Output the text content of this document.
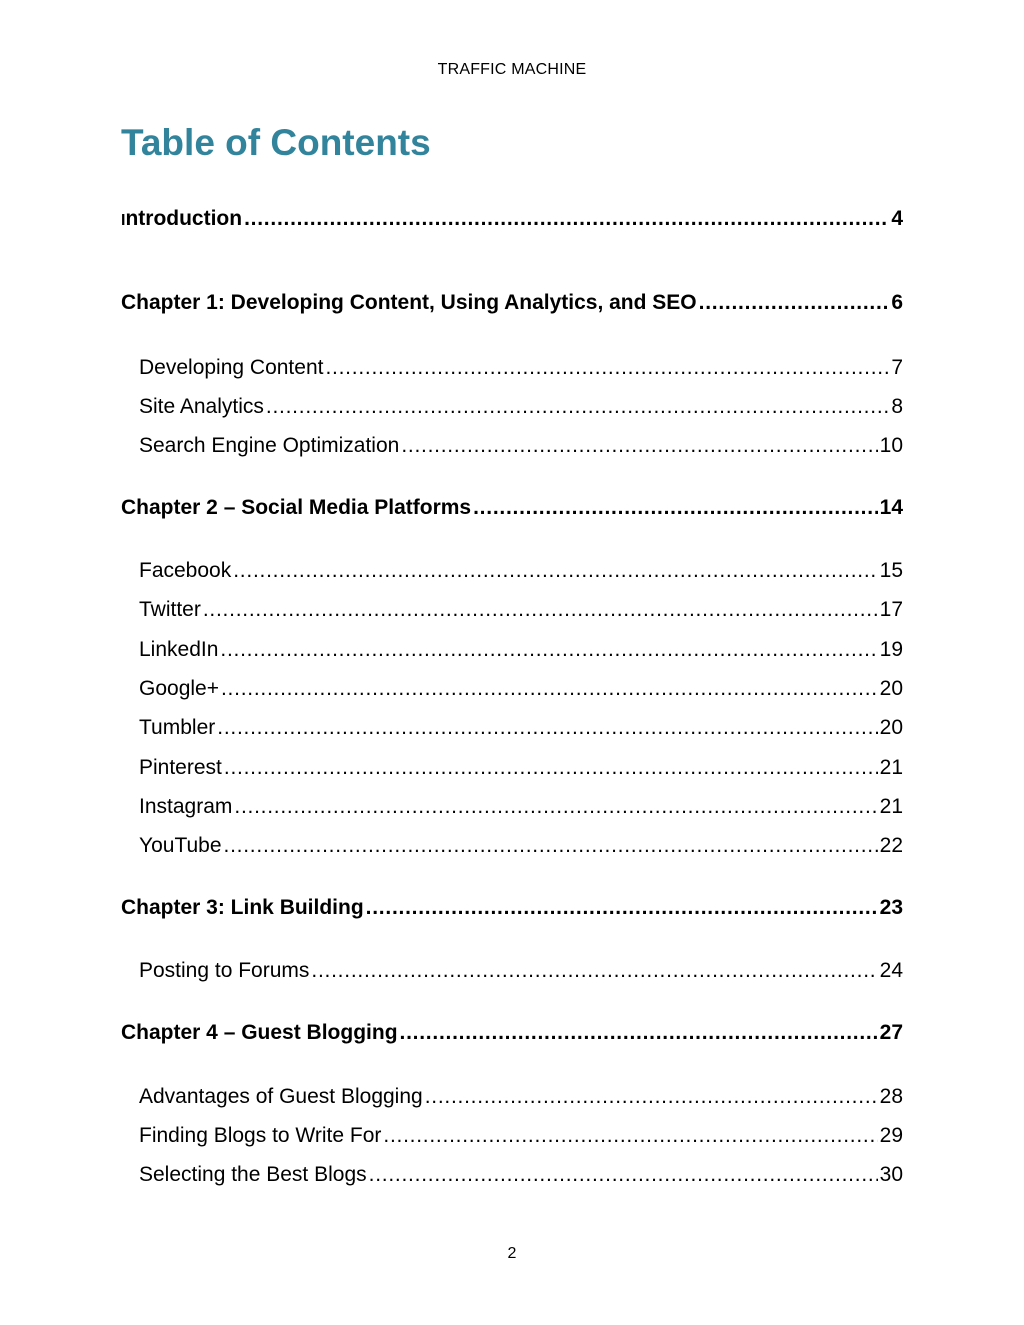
TRAFFIC MACHINE
Table of Contents
Introduction . . .	4
Chapter 1: Developing Content, Using Analytics, and SEO . . .	6
Developing Content . . .	7
Site Analytics . . .	8
Search Engine Optimization . . .	10
Chapter 2 – Social Media Platforms . . .	14
Facebook . . .	15
Twitter . . .	17
LinkedIn . . .	19
Google+ . . .	20
Tumbler . . .	20
Pinterest . . .	21
Instagram . . .	21
YouTube . . .	22
Chapter 3: Link Building . . .	23
Posting to Forums . . .	24
Chapter 4 – Guest Blogging . . .	27
Advantages of Guest Blogging . . .	28
Finding Blogs to Write For . . .	29
Selecting the Best Blogs . . .	30
2
